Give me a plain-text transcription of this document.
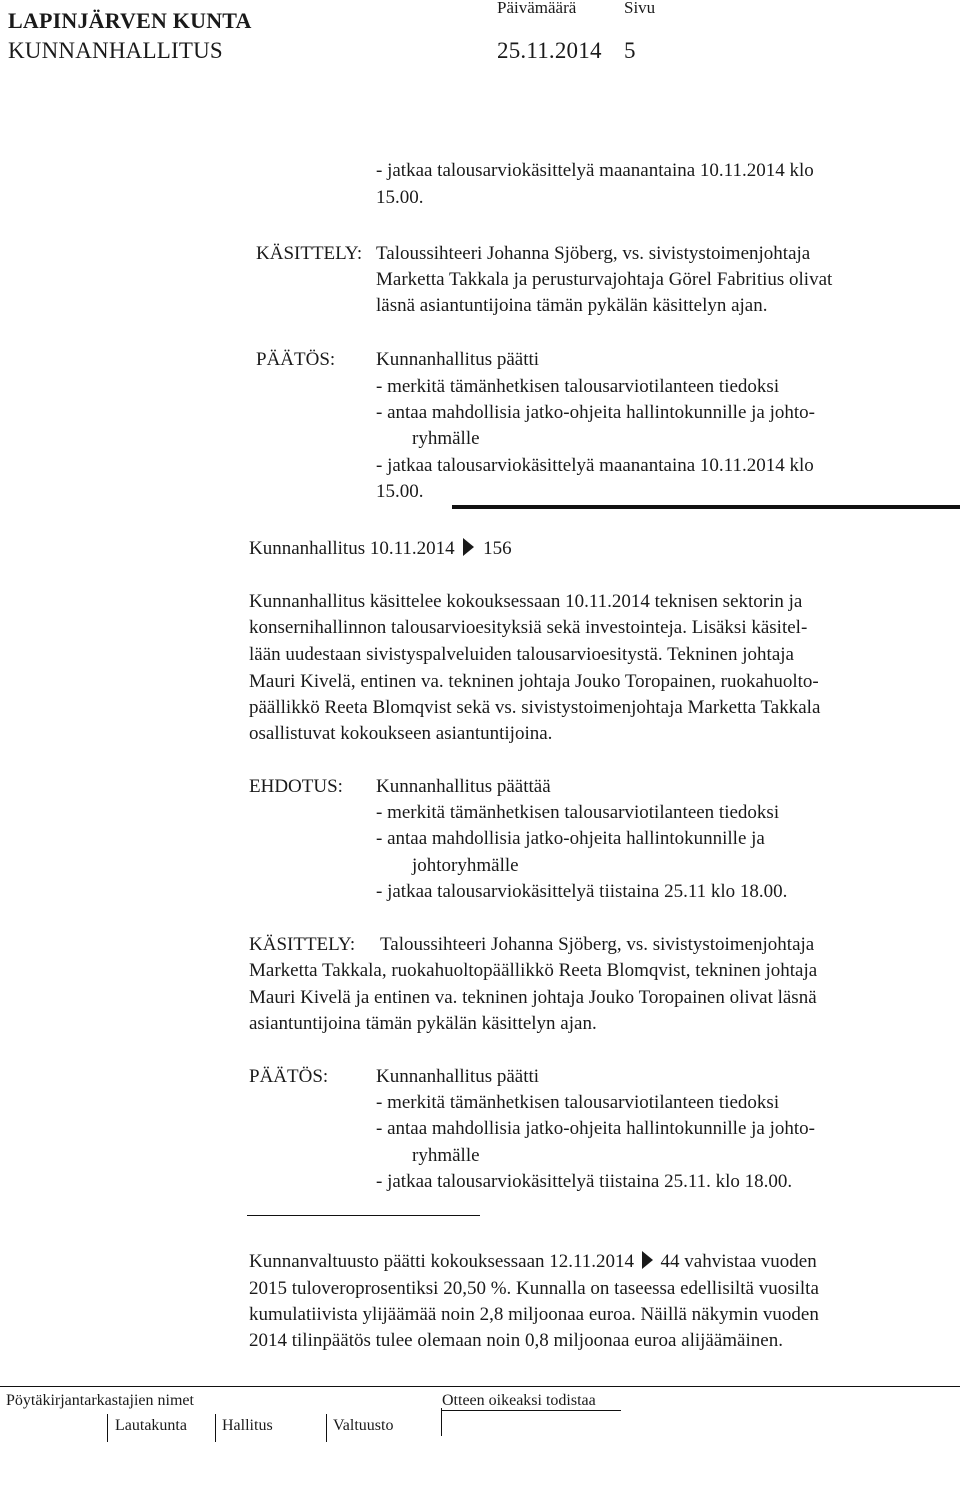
LAPINJÄRVEN KUNTA
Päivämäärä	Sivu
KUNNANHALLITUS	25.11.2014 5
- jatkaa talousarviokäsittelyä maanantaina 10.11.2014 klo
15.00.
KÄSITTELY: Taloussihteeri Johanna Sjöberg, vs. sivistystoimenjohtaja
Marketta Takkala ja perusturvajohtaja Görel Fabritius olivat
läsnä asiantuntijoina tämän pykälän käsittelyn ajan.
PÄÄTÖS: Kunnanhallitus päätti
- merkitä tämänhetkisen talousarviotilanteen tiedoksi
- antaa mahdollisia jatko-ohjeita hallintokunnille ja johto-
ryhmälle
- jatkaa talousarviokäsittelyä maanantaina 10.11.2014 klo
15.00.
Kunnanhallitus 10.11.2014 156
Kunnanhallitus käsittelee kokouksessaan 10.11.2014 teknisen sektorin ja
konsernihallinnon talousarvioesityksiä sekä investointeja. Lisäksi käsitel-
lään uudestaan sivistyspalveluiden talousarvioesitystä. Tekninen johtaja
Mauri Kivelä, entinen va. tekninen johtaja Jouko Toropainen, ruokahuolto-
päällikkö Reeta Blomqvist sekä vs. sivistystoimenjohtaja Marketta Takkala
osallistuvat kokoukseen asiantuntijoina.
EHDOTUS: Kunnanhallitus päättää
- merkitä tämänhetkisen talousarviotilanteen tiedoksi
- antaa mahdollisia jatko-ohjeita hallintokunnille ja
johtoryhmälle
- jatkaa talousarviokäsittelyä tiistaina 25.11 klo 18.00.
KÄSITTELY: Taloussihteeri Johanna Sjöberg, vs. sivistystoimenjohtaja
Marketta Takkala, ruokahuoltopäällikkö Reeta Blomqvist, tekninen johtaja
Mauri Kivelä ja entinen va. tekninen johtaja Jouko Toropainen olivat läsnä
asiantuntijoina tämän pykälän käsittelyn ajan.
PÄÄTÖS:	Kunnanhallitus päätti
- merkitä tämänhetkisen talousarviotilanteen tiedoksi
- antaa mahdollisia jatko-ohjeita hallintokunnille ja johto-
ryhmälle
- jatkaa talousarviokäsittelyä tiistaina 25.11. klo 18.00.
Kunnanvaltuusto päätti kokouksessaan 12.11.2014 44 vahvistaa vuoden
2015 tuloveroprosentiksi 20,50 %. Kunnalla on taseessa edellisiltä vuosilta
kumulatiivista ylijäämää noin 2,8 miljoonaa euroa. Näillä näkymin vuoden
2014 tilinpäätös tulee olemaan noin 0,8 miljoonaa euroa alijäämäinen.
Pöytäkirjantarkastajien nimet	Otteen oikeaksi todistaa
Lautakunta Hallitus	Valtuusto
